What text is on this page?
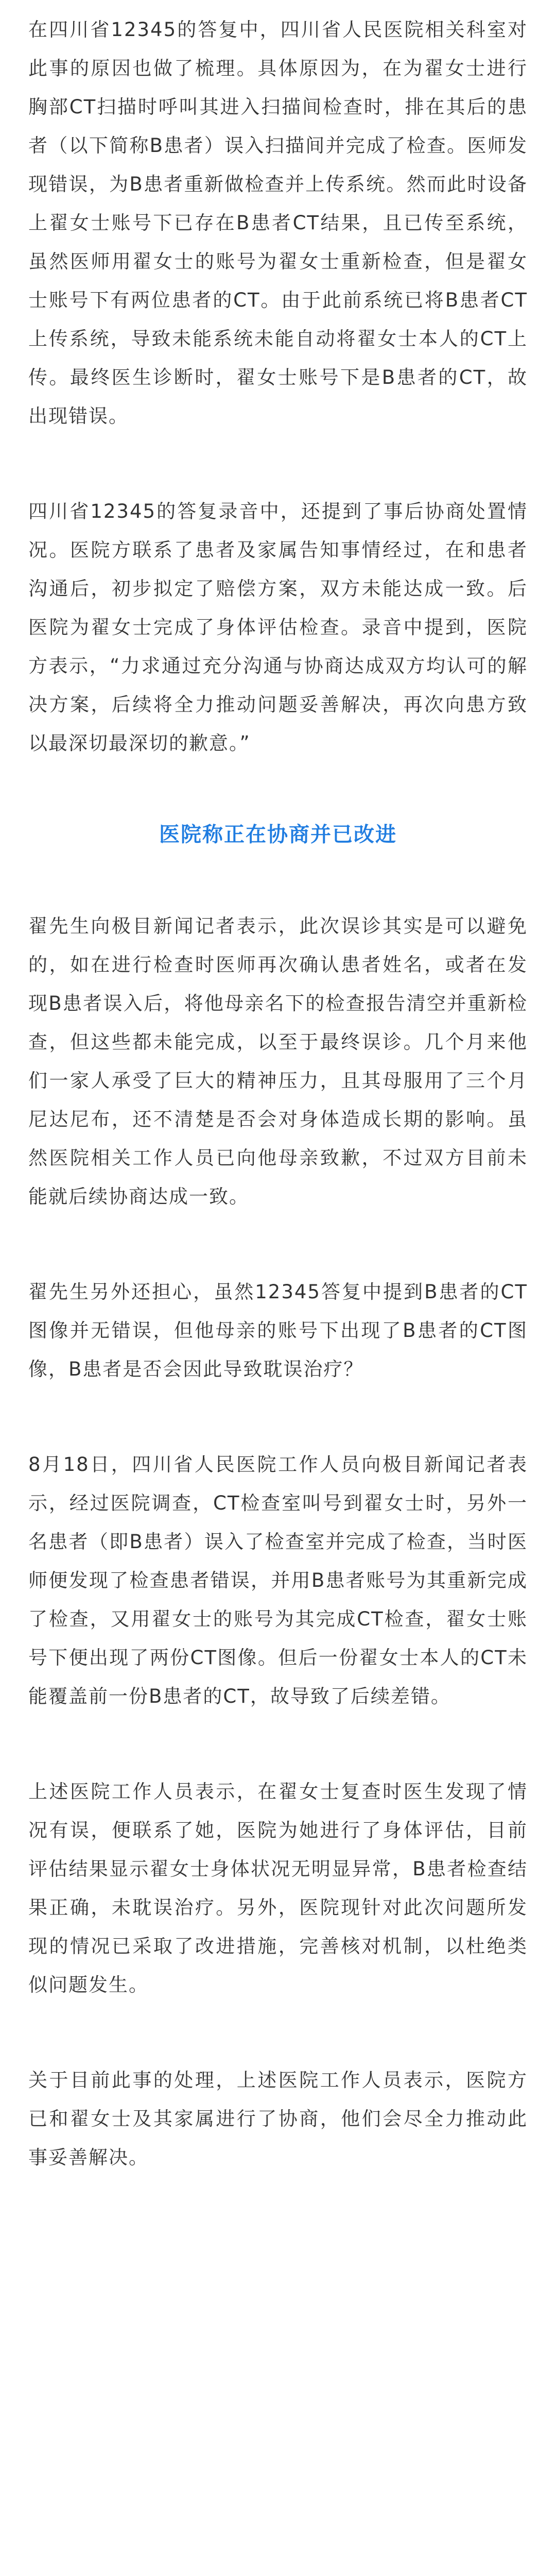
在四川省12345的答复中，四川省人民医院相关科室对此事的原因也做了梳理。具体原因为，在为翟女士进行胸部CT扫描时呼叫其进入扫描间检查时，排在其后的患者（以下简称B患者）误入扫描间并完成了检查。医师发现错误，为B患者重新做检查并上传系统。然而此时设备上翟女士账号下已存在B患者CT结果，且已传至系统，虽然医师用翟女士的账号为翟女士重新检查，但是翟女士账号下有两位患者的CT。由于此前系统已将B患者CT上传系统，导致未能系统未能自动将翟女士本人的CT上传。最终医生诊断时，翟女士账号下是B患者的CT，故出现错误。

四川省12345的答复录音中，还提到了事后协商处置情况。医院方联系了患者及家属告知事情经过，在和患者沟通后，初步拟定了赔偿方案，双方未能达成一致。后医院为翟女士完成了身体评估检查。录音中提到，医院方表示，“力求通过充分沟通与协商达成双方均认可的解决方案，后续将全力推动问题妥善解决，再次向患方致以最深切最深切的歉意。”

医院称正在协商并已改进

翟先生向极目新闻记者表示，此次误诊其实是可以避免的，如在进行检查时医师再次确认患者姓名，或者在发现B患者误入后，将他母亲名下的检查报告清空并重新检查，但这些都未能完成，以至于最终误诊。几个月来他们一家人承受了巨大的精神压力，且其母服用了三个月尼达尼布，还不清楚是否会对身体造成长期的影响。虽然医院相关工作人员已向他母亲致歉，不过双方目前未能就后续协商达成一致。

翟先生另外还担心，虽然12345答复中提到B患者的CT图像并无错误，但他母亲的账号下出现了B患者的CT图像，B患者是否会因此导致耽误治疗？

8月18日，四川省人民医院工作人员向极目新闻记者表示，经过医院调查，CT检查室叫号到翟女士时，另外一名患者（即B患者）误入了检查室并完成了检查，当时医师便发现了检查患者错误，并用B患者账号为其重新完成了检查，又用翟女士的账号为其完成CT检查，翟女士账号下便出现了两份CT图像。但后一份翟女士本人的CT未能覆盖前一份B患者的CT，故导致了后续差错。

上述医院工作人员表示，在翟女士复查时医生发现了情况有误，便联系了她，医院为她进行了身体评估，目前评估结果显示翟女士身体状况无明显异常，B患者检查结果正确，未耽误治疗。另外，医院现针对此次问题所发现的情况已采取了改进措施，完善核对机制，以杜绝类似问题发生。

关于目前此事的处理，上述医院工作人员表示，医院方已和翟女士及其家属进行了协商，他们会尽全力推动此事妥善解决。
